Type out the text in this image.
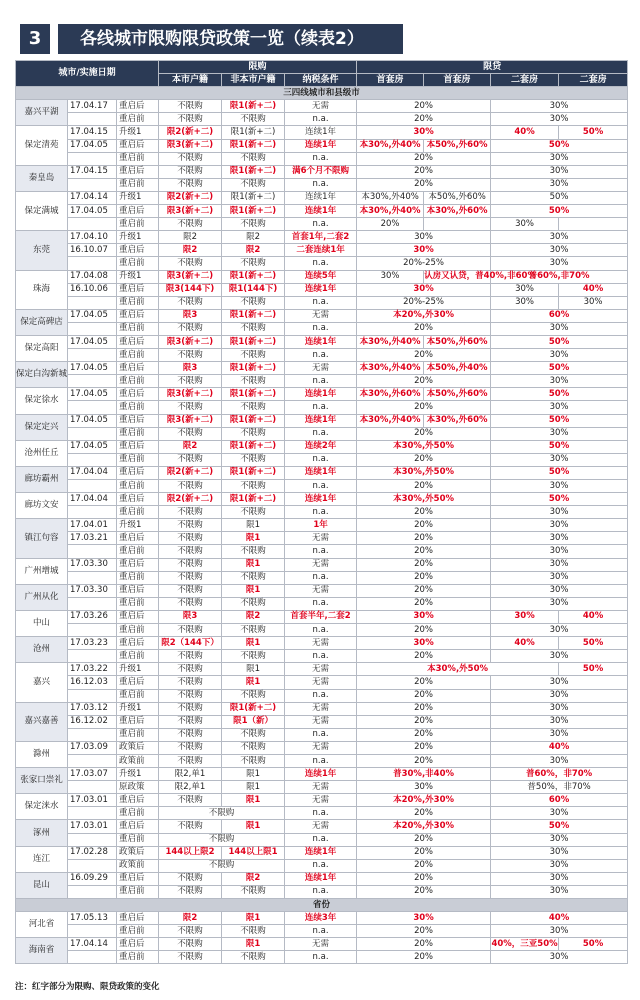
3	各线城市限购限贷政策一览（续表2）
城市/实施日期			限购			限贷			
			本市户籍	非本市户籍	纳税条件	首套房	首套房	二套房	二套房
三四线城市和县级市									
嘉兴平湖	17.04.17	重启后	不限购	限1(新+二)	无需	20%		30%	
		重启前	不限购	不限购	n.a.	20%		30%	
保定清苑	17.04.15	升级1	限2(新+二)	限1(新+二)	连续1年	30%		40%	50%
	17.04.05	重启后	限3(新+二)	限1(新+二)	连续1年	本30%,外40%	本50%,外60%	50%	
		重启前	不限购	不限购	n.a.	20%		30%	
秦皇岛	17.04.15	重启后	不限购	限1(新+二)	满6个月不限购	20%		30%	
		重启前	不限购	不限购	n.a.	20%		30%	
保定满城	17.04.14	升级1	限2(新+二)	限1(新+二)	连续1年	本30%,外40%	本50%,外60%	50%	
	17.04.05	重启后	限3(新+二)	限1(新+二)	连续1年	本30%,外40%	本30%,外60%	50%	
		重启前	不限购	不限购	n.a.	20%		30%	
东莞	17.04.10	升级1	限2	限2	首套1年,二套2	30%		30%	
	16.10.07	重启后	限2	限2	二套连续1年	30%		30%	
		重启前	不限购	不限购	n.a.	20%-25%		30%	
珠海	17.04.08	升级1	限3(新+二)	限1(新+二)	连续5年	30%	认房又认贷，普40%,非60%	普60%,非70%	
	16.10.06	重启后	限3(144下)	限1(144下)	连续1年	30%		30%	40%
		重启前	不限购	不限购	n.a.	20%-25%		30%	30%
保定高碑店	17.04.05	重启后	限3	限1(新+二)	无需	本20%,外30%		60%	
		重启前	不限购	不限购	n.a.	20%		30%	
保定高阳	17.04.05	重启后	限3(新+二)	限1(新+二)	连续1年	本30%,外40%	本50%,外60%	50%	
		重启前	不限购	不限购	n.a.	20%		30%	
保定白沟新城	17.04.05	重启后	限3	限1(新+二)	无需	本30%,外40%	本50%,外40%	50%	
		重启前	不限购	不限购	n.a.	20%		30%	
保定徐水	17.04.05	重启后	限3(新+二)	限1(新+二)	连续1年	本30%,外60%	本50%,外60%	50%	
		重启前	不限购	不限购	n.a.	20%		30%	
保定定兴	17.04.05	重启后	限3(新+二)	限1(新+二)	连续1年	本30%,外40%	本30%,外60%	50%	
		重启前	不限购	不限购	n.a.	20%		30%	
沧州任丘	17.04.05	重启后	限2	限1(新+二)	连续2年	本30%,外50%		50%	
		重启前	不限购	不限购	n.a.	20%		30%	
廊坊霸州	17.04.04	重启后	限2(新+二)	限1(新+二)	连续1年	本30%,外50%		50%	
		重启前	不限购	不限购	n.a.	20%		30%	
廊坊文安	17.04.04	重启后	限2(新+二)	限1(新+二)	连续1年	本30%,外50%		50%	
		重启前	不限购	不限购	n.a.	20%		30%	
镇江句容	17.04.01	升级1	不限购	限1	1年	20%		30%	
	17.03.21	重启后	不限购	限1	无需	20%		30%	
		重启前	不限购	不限购	n.a.	20%		30%	
广州增城	17.03.30	重启后	不限购	限1	无需	20%		30%	
		重启前	不限购	不限购	n.a.	20%		30%	
广州从化	17.03.30	重启后	不限购	限1	无需	20%		30%	
		重启前	不限购	不限购	n.a.	20%		30%	
中山	17.03.26	重启后	限3	限2	首套半年,二套2	30%		30%	40%
		重启前	不限购	不限购	n.a.	20%		30%	
沧州	17.03.23	重启后	限2（144下）	限1	无需	30%		40%	50%
		重启前	不限购	不限购	n.a.	20%		30%	
嘉兴	17.03.22	升级1	不限购	限1	无需	本30%,外50%			50%
	16.12.03	重启后	不限购	限1	无需	20%		30%	
		重启前	不限购	不限购	n.a.	20%		30%	
嘉兴嘉善	17.03.12	升级1	不限购	限1(新+二)	无需	20%		30%	
	16.12.02	重启后	不限购	限1（新）	无需	20%		30%	
		重启前	不限购	不限购	n.a.	20%		30%	
滁州	17.03.09	政策后	不限购	不限购	无需	20%		40%	
		政策前	不限购	不限购	n.a.	20%		30%	
张家口崇礼	17.03.07	升级1	限2,单1	限1	连续1年	普30%,非40%		普60%，非70%	
		原政策	限2,单1	限1	无需	30%		普50%，非70%	
保定涞水	17.03.01	重启后	不限购	限1	无需	本20%,外30%		60%	
		重启前	不限购		n.a.	20%		30%	
涿州	17.03.01	重启后	不限购	限1	无需	本20%,外30%		50%	
		重启前	不限购		n.a.	20%		30%	
连江	17.02.28	政策后	144以上限2	144以上限1	连续1年	20%		30%	
		政策前	不限购		n.a.	20%		30%	
昆山	16.09.29	重启后	不限购	限2	连续1年	20%		30%	
		重启前	不限购	不限购	n.a.	20%		30%	
省份									
河北省	17.05.13	重启后	限2	限1	连续3年	30%		40%	
		重启前	不限购	不限购	n.a.	20%		30%	
海南省	17.04.14	重启后	不限购	限1	无需	20%		40%，三亚50%	50%
		重启前	不限购	不限购	n.a.	20%		30%	
注：红字部分为限购、限贷政策的变化
